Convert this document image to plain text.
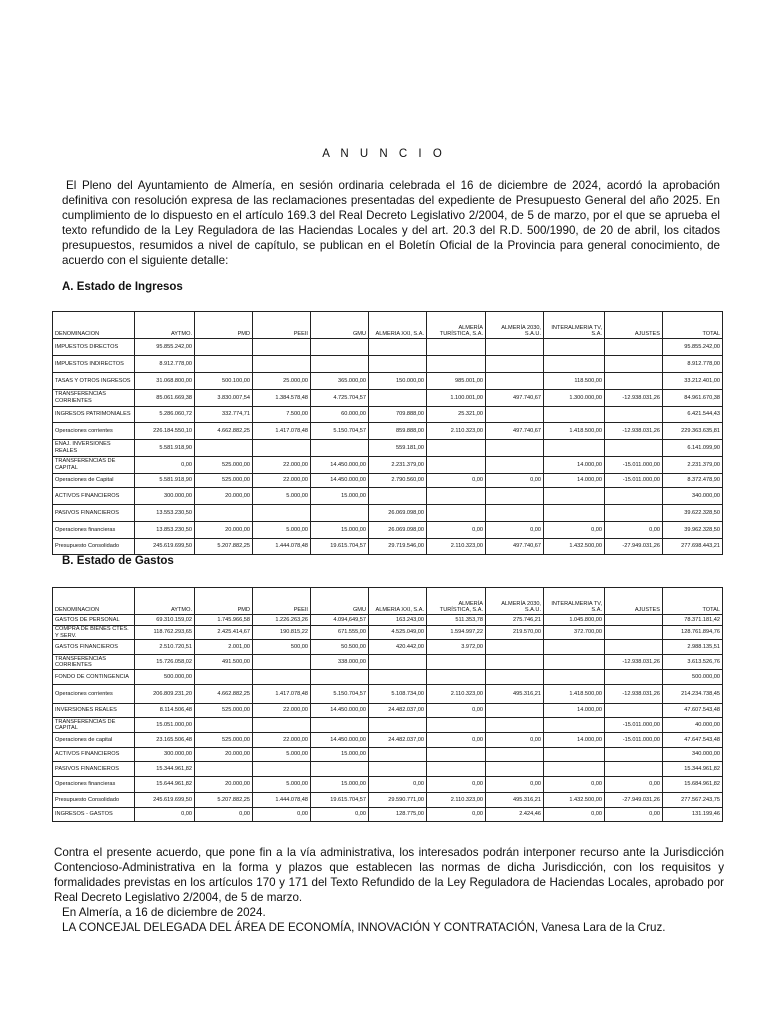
A N U N C I O

El Pleno del Ayuntamiento de Almería, en sesión ordinaria celebrada el 16 de diciembre de 2024, acordó la aprobación definitiva con resolución expresa de las reclamaciones presentadas del expediente de Presupuesto General del año 2025. En cumplimiento de lo dispuesto en el artículo 169.3 del Real Decreto Legislativo 2/2004, de 5 de marzo, por el que se aprueba el texto refundido de la Ley Reguladora de las Haciendas Locales y del art. 20.3 del R.D. 500/1990, de 20 de abril, los citados presupuestos, resumidos a nivel de capítulo, se publican en el Boletín Oficial de la Provincia para general conocimiento, de acuerdo con el siguiente detalle:

A. Estado de Ingresos

DENOMINACION	AYTMO.	PMD	PEEII	GMU	ALMERIA XXI, S.A.	ALMERÍA TURÍSTICA, S.A.	ALMERÍA 2030, S.A.U.	INTERALMERIA TV, S.A.	AJUSTES	TOTAL
IMPUESTOS DIRECTOS	95.855.242,00									95.855.242,00
IMPUESTOS INDIRECTOS	8.912.778,00									8.912.778,00
TASAS Y OTROS INGRESOS	31.068.800,00	500.100,00	25.000,00	365.000,00	150.000,00	985.001,00		118.500,00		33.212.401,00
TRANSFERENCIAS CORRIENTES	85.061.669,38	3.830.007,54	1.384.578,48	4.725.704,57		1.100.001,00	497.740,67	1.300.000,00	-12.938.031,26	84.961.670,38
INGRESOS PATRIMONIALES	5.286.060,72	332.774,71	7.500,00	60.000,00	709.888,00	25.321,00				6.421.544,43
Operaciones corrientes	226.184.550,10	4.662.882,25	1.417.078,48	5.150.704,57	859.888,00	2.110.323,00	497.740,67	1.418.500,00	-12.938.031,26	229.363.635,81
ENAJ. INVERSIONES REALES	5.581.918,90				559.181,00					6.141.099,90
TRANSFERENCIAS DE CAPITAL	0,00	525.000,00	22.000,00	14.450.000,00	2.231.379,00			14.000,00	-15.011.000,00	2.231.379,00
Operaciones de Capital	5.581.918,90	525.000,00	22.000,00	14.450.000,00	2.790.560,00	0,00	0,00	14.000,00	-15.011.000,00	8.372.478,90
ACTIVOS FINANCIEROS	300.000,00	20.000,00	5.000,00	15.000,00						340.000,00
PASIVOS FINANCIEROS	13.553.230,50				26.069.098,00					39.622.328,50
Operaciones financieras	13.853.230,50	20.000,00	5.000,00	15.000,00	26.069.098,00	0,00	0,00	0,00	0,00	39.962.328,50
Presupuesto Consolidado	245.619.699,50	5.207.882,25	1.444.078,48	19.615.704,57	29.719.546,00	2.110.323,00	497.740,67	1.432.500,00	-27.949.031,26	277.698.443,21

B. Estado de Gastos

DENOMINACION	AYTMO.	PMD	PEEII	GMU	ALMERIA XXI, S.A.	ALMERÍA TURÍSTICA, S.A.	ALMERÍA 2030, S.A.U.	INTERALMERIA TV, S.A.	AJUSTES	TOTAL
GASTOS DE PERSONAL	69.310.159,02	1.745.966,58	1.226.263,26	4.094,649,57	163.243,00	511.353,78	275.746,21	1.045.800,00		78.371.181,42
COMPRA DE BIENES CTES. Y SERV.	118.762.293,65	2.425.414,67	190.815,22	671.555,00	4.525.049,00	1.594.997,22	219.570,00	372.700,00		128.761.894,76
GASTOS FINANCIEROS	2.510.720,51	2.001,00	500,00	50.500,00	420.442,00	3.972,00				2.988.135,51
TRANSFERENCIAS CORRIENTES	15.726.058,02	491.500,00		338.000,00					-12.938.031,26	3.613.526,76
FONDO DE CONTINGENCIA	500.000,00									500.000,00
Operaciones corrientes	206.809.231,20	4.662.882,25	1.417.078,48	5.150.704,57	5.108.734,00	2.110.323,00	495.316,21	1.418.500,00	-12.938.031,26	214.234.738,45
INVERSIONES REALES	8.114.506,48	525.000,00	22.000,00	14.450.000,00	24.482.037,00	0,00		14.000,00		47.607.543,48
TRANSFERENCIAS DE CAPITAL	15.051.000,00								-15.011.000,00	40.000,00
Operaciones de capital	23.165.506,48	525.000,00	22.000,00	14.450.000,00	24.482.037,00	0,00	0,00	14.000,00	-15.011.000,00	47.647.543,48
ACTIVOS FINANCIEROS	300.000,00	20.000,00	5.000,00	15.000,00						340.000,00
PASIVOS FINANCIEROS	15.344.961,82									15.344.961,82
Operaciones financieras	15.644.961,82	20.000,00	5.000,00	15.000,00	0,00	0,00	0,00	0,00	0,00	15.684.961,82
Presupuesto Consolidado	245.619.699,50	5.207.882,25	1.444.078,48	19.615.704,57	29.590.771,00	2.110.323,00	495.316,21	1.432.500,00	-27.949.031,26	277.567.243,75
INGRESOS - GASTOS	0,00	0,00	0,00	0,00	128.775,00	0,00	2.424,46	0,00	0,00	131.199,46

Contra el presente acuerdo, que pone fin a la vía administrativa, los interesados podrán interponer recurso ante la Jurisdicción Contencioso-Administrativa en la forma y plazos que establecen las normas de dicha Jurisdicción, con los requisitos y formalidades previstas en los artículos 170 y 171 del Texto Refundido de la Ley Reguladora de Haciendas Locales, aprobado por Real Decreto Legislativo 2/2004, de 5 de marzo.

En Almería, a 16 de diciembre de 2024.

LA CONCEJAL DELEGADA DEL ÁREA DE ECONOMÍA, INNOVACIÓN Y CONTRATACIÓN, Vanesa Lara de la Cruz.
